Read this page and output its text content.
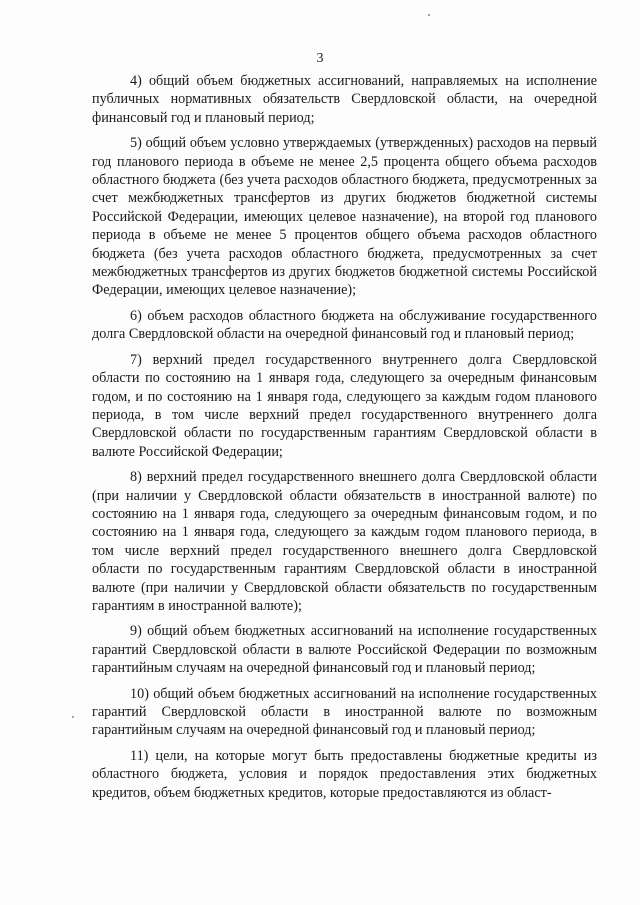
3

4) общий объем бюджетных ассигнований, направляемых на исполнение публичных нормативных обязательств Свердловской области, на очередной финансовый год и плановый период;

5) общий объем условно утверждаемых (утвержденных) расходов на первый год планового периода в объеме не менее 2,5 процента общего объема расходов областного бюджета (без учета расходов областного бюджета, предусмотренных за счет межбюджетных трансфертов из других бюджетов бюджетной системы Российской Федерации, имеющих целевое назначение), на второй год планового периода в объеме не менее 5 процентов общего объема расходов областного бюджета (без учета расходов областного бюджета, предусмотренных за счет межбюджетных трансфертов из других бюджетов бюджетной системы Российской Федерации, имеющих целевое назначение);

6) объем расходов областного бюджета на обслуживание государственного долга Свердловской области на очередной финансовый год и плановый период;

7) верхний предел государственного внутреннего долга Свердловской области по состоянию на 1 января года, следующего за очередным финансовым годом, и по состоянию на 1 января года, следующего за каждым годом планового периода, в том числе верхний предел государственного внутреннего долга Свердловской области по государственным гарантиям Свердловской области в валюте Российской Федерации;

8) верхний предел государственного внешнего долга Свердловской области (при наличии у Свердловской области обязательств в иностранной валюте) по состоянию на 1 января года, следующего за очередным финансовым годом, и по состоянию на 1 января года, следующего за каждым годом планового периода, в том числе верхний предел государственного внешнего долга Свердловской области по государственным гарантиям Свердловской области в иностранной валюте (при наличии у Свердловской области обязательств по государственным гарантиям в иностранной валюте);

9) общий объем бюджетных ассигнований на исполнение государственных гарантий Свердловской области в валюте Российской Федерации по возможным гарантийным случаям на очередной финансовый год и плановый период;

10) общий объем бюджетных ассигнований на исполнение государственных гарантий Свердловской области в иностранной валюте по возможным гарантийным случаям на очередной финансовый год и плановый период;

11) цели, на которые могут быть предоставлены бюджетные кредиты из областного бюджета, условия и порядок предоставления этих бюджетных кредитов, объем бюджетных кредитов, которые предоставляются из област-
